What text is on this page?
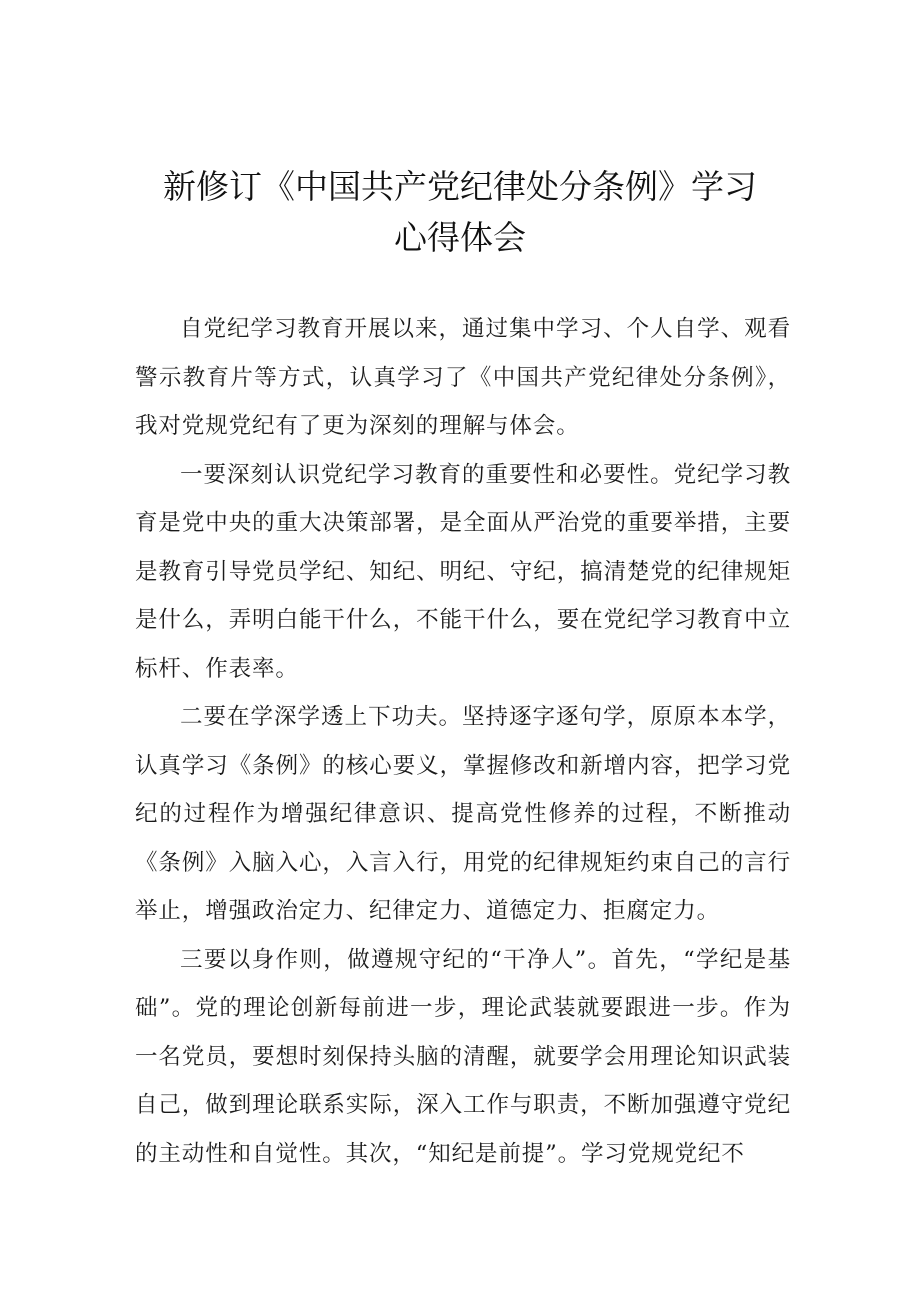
新修订《中国共产党纪律处分条例》学习
心得体会

自党纪学习教育开展以来，通过集中学习、个人自学、观看警示教育片等方式，认真学习了《中国共产党纪律处分条例》，我对党规党纪有了更为深刻的理解与体会。

一要深刻认识党纪学习教育的重要性和必要性。党纪学习教育是党中央的重大决策部署，是全面从严治党的重要举措，主要是教育引导党员学纪、知纪、明纪、守纪，搞清楚党的纪律规矩是什么，弄明白能干什么，不能干什么，要在党纪学习教育中立标杆、作表率。

二要在学深学透上下功夫。坚持逐字逐句学，原原本本学，认真学习《条例》的核心要义，掌握修改和新增内容，把学习党纪的过程作为增强纪律意识、提高党性修养的过程，不断推动《条例》入脑入心，入言入行，用党的纪律规矩约束自己的言行举止，增强政治定力、纪律定力、道德定力、拒腐定力。

三要以身作则，做遵规守纪的“干净人”。首先，“学纪是基础”。党的理论创新每前进一步，理论武装就要跟进一步。作为一名党员，要想时刻保持头脑的清醒，就要学会用理论知识武装自己，做到理论联系实际，深入工作与职责，不断加强遵守党纪的主动性和自觉性。其次，“知纪是前提”。学习党规党纪不
